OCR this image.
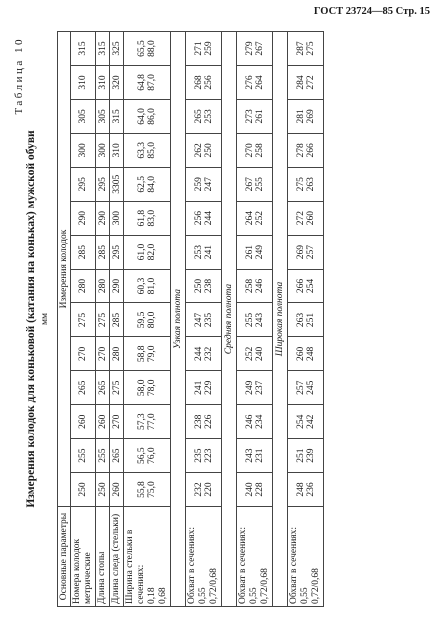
ГОСТ 23724—85 Стр. 15
Таблица 10
Измерения колодок для коньковой (катания на коньках) мужской обуви мм
Основные параметры	Измерения колодок													
Номера колодок метрические	250	255	260	265	270	275	280	285	290	295	300	305	310	315
Длина стопы	250	255	260	265	270	275	280	285	290	295	300	305	310	315
Длина следа (стельки)	260	265	270	275	280	285	290	295	300	3305	310	315	320	325

Ширина стельки в сечениях: 0,18 0,68	55,8 75,0	56,5 76,0	57,3 77,0	58,0 78,0	58,8 79,0	59,5 80,0	60,3 81,0	61,0 82,0	61,8 83,0	62,5 84,0	63,3 85,0	64,0 86,0	64,8 87,0	65,5 88,0

Узкая полнота														

Обхват в сечениях: 0,55 0,72/0,68	232 220	235 223	238 226	241 229	244 232	247 235	250 238	253 241	256 244	259 247	262 250	265 253	268 256	271 259

Средняя полнота														

Обхват в сечениях: 0,55 0,72/0,68	240 228	243 231	246 234	249 237	252 240	255 243	258 246	261 249	264 252	267 255	270 258	273 261	276 264	279 267

Широкая полнота														

Обхват в сечениях: 0,55 0,72/0,68	248 236	251 239	254 242	257 245	260 248	263 251	266 254	269 257	272 260	275 263	278 266	281 269	284 272	287 275
